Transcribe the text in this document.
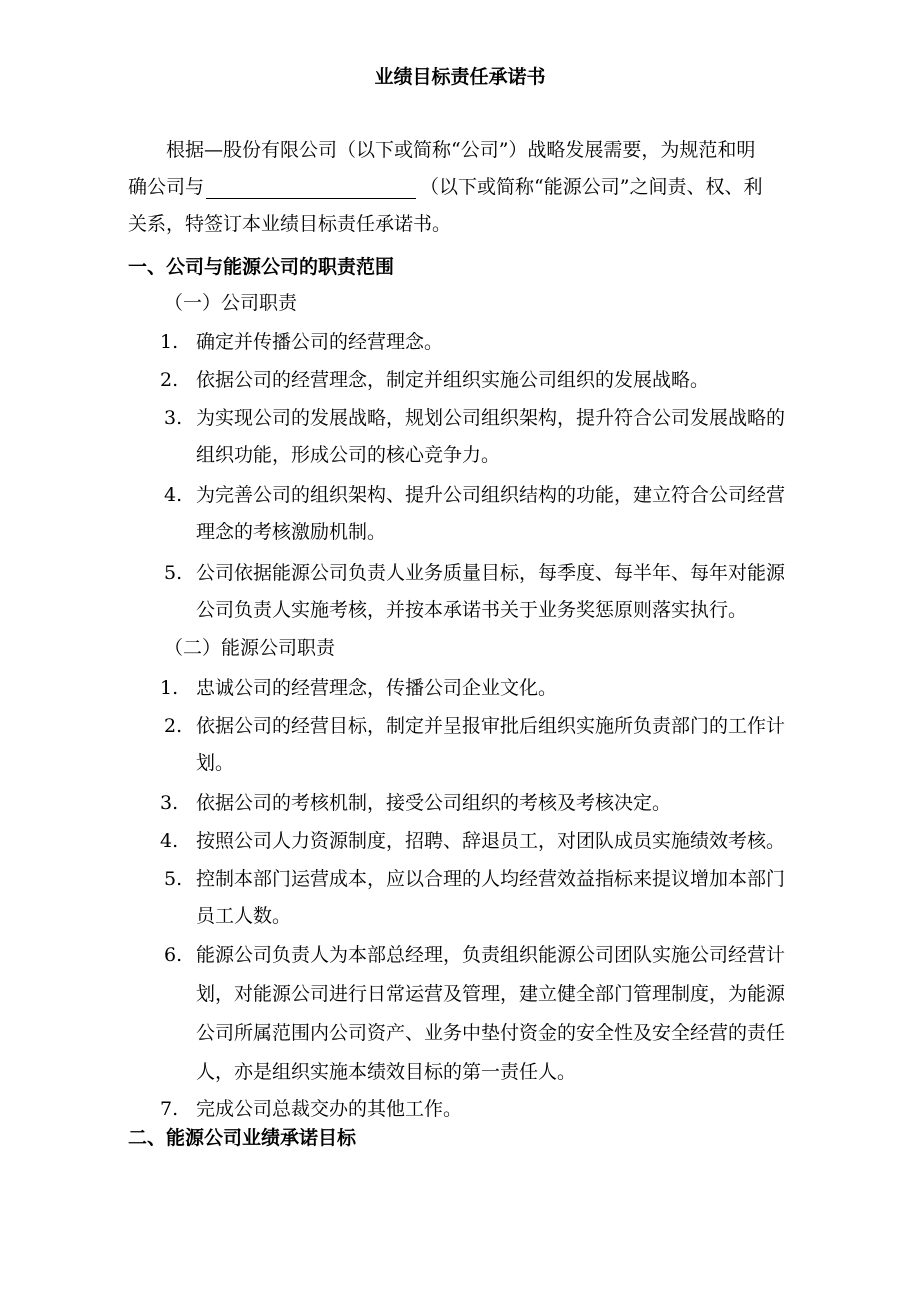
业绩目标责任承诺书
根据—股份有限公司（以下或简称“公司”）战略发展需要，为规范和明
确公司与	（以下或简称“能源公司”之间责、权、利
关系，特签订本业绩目标责任承诺书。
一、公司与能源公司的职责范围
（一）公司职责
1. 确定并传播公司的经营理念。
2. 依据公司的经营理念，制定并组织实施公司组织的发展战略。
3. 为实现公司的发展战略，规划公司组织架构，提升符合公司发展战略的
组织功能，形成公司的核心竞争力。
4. 为完善公司的组织架构、提升公司组织结构的功能，建立符合公司经营
理念的考核激励机制。
5. 公司依据能源公司负责人业务质量目标，每季度、每半年、每年对能源
公司负责人实施考核，并按本承诺书关于业务奖惩原则落实执行。
（二）能源公司职责
1. 忠诚公司的经营理念，传播公司企业文化。
2. 依据公司的经营目标，制定并呈报审批后组织实施所负责部门的工作计
划。
3. 依据公司的考核机制，接受公司组织的考核及考核决定。
4. 按照公司人力资源制度，招聘、辞退员工，对团队成员实施绩效考核。
5. 控制本部门运营成本，应以合理的人均经营效益指标来提议增加本部门
员工人数。
6. 能源公司负责人为本部总经理，负责组织能源公司团队实施公司经营计
划，对能源公司进行日常运营及管理，建立健全部门管理制度，为能源
公司所属范围内公司资产、业务中垫付资金的安全性及安全经营的责任
人，亦是组织实施本绩效目标的第一责任人。
7. 完成公司总裁交办的其他工作。
二、能源公司业绩承诺目标
